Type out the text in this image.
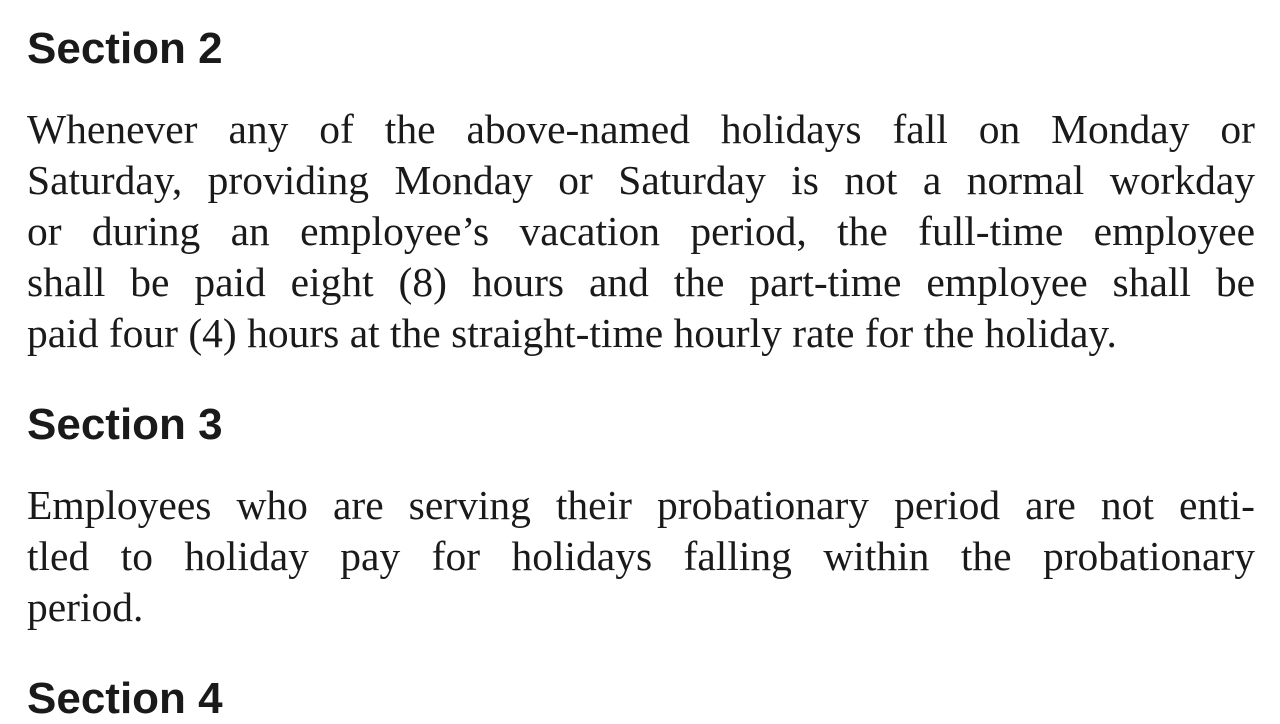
Section 2
Whenever any of the above-named holidays fall on Monday or
Saturday, providing Monday or Saturday is not a normal workday
or during an employee’s vacation period, the full-time employee
shall be paid eight (8) hours and the part-time employee shall be
paid four (4) hours at the straight-time hourly rate for the holiday.
Section 3
Employees who are serving their probationary period are not enti-
tled to holiday pay for holidays falling within the probationary
period.
Section 4
